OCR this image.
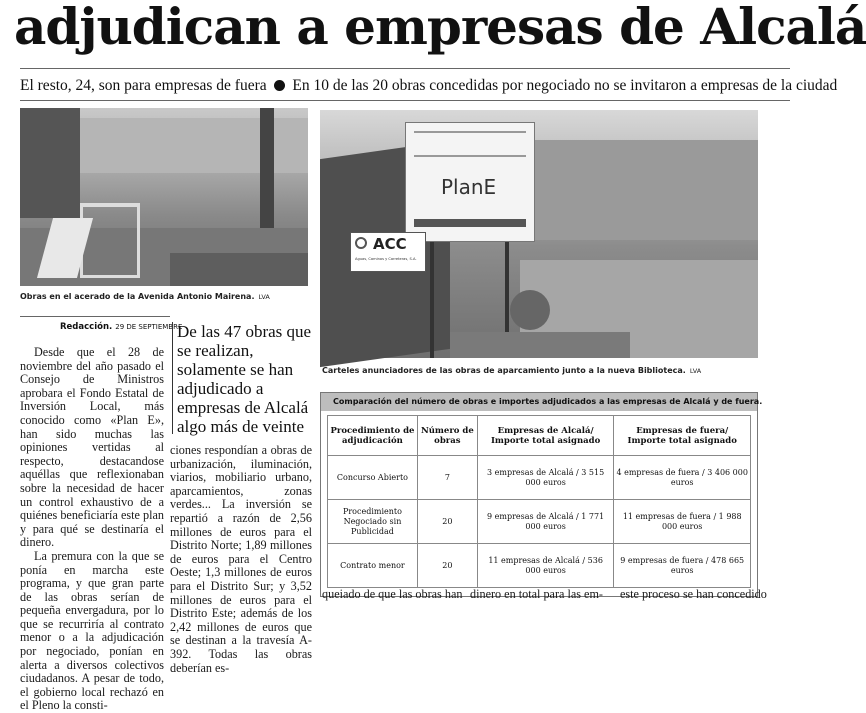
adjudican a empresas de Alcalá
El resto, 24, son para empresas de fuera En 10 de las 20 obras concedidas por negociado no se invitaron a empresas de la ciudad
Obras en el acerado de la Avenida Antonio Mairena. LVA
PlanE
ACC
Aguas, Caminos y Carreteras, S.A.
Carteles anunciadores de las obras de aparcamiento junto a la nueva Biblioteca. LVA
Redacción. 29 DE SEPTIEMBRE

Desde que el 28 de noviembre del año pasado el Consejo de Ministros aprobara el Fondo Estatal de Inversión Local, más conocido como «Plan E», han sido muchas las opiniones vertidas al respecto, destacandose aquéllas que reflexionaban sobre la necesidad de hacer un control exhaustivo de a quiénes beneficiaría este plan y para qué se destinaría el dinero.

La premura con la que se ponía en marcha este programa, y que gran parte de las obras serían de pequeña envergadura, por lo que se recurriría al contrato menor o a la adjudicación por negociado, ponían en alerta a diversos colectivos ciudadanos. A pesar de todo, el gobierno local rechazó en el Pleno la consti-

De las 47 obras que se realizan, solamente se han adjudicado a empresas de Alcalá algo más de veinte

ciones respondían a obras de urbanización, iluminación, viarios, mobiliario urbano, aparcamientos, zonas verdes... La inversión se repartió a razón de 2,56 millones de euros para el Distrito Norte; 1,89 millones de euros para el Centro Oeste; 1,3 millones de euros para el Distrito Sur; y 3,52 millones de euros para el Distrito Este; además de los 2,42 millones de euros que se destinan a la travesía A-392. Todas las obras deberían es-

Comparación del número de obras e importes adjudicados a las empresas de Alcalá y de fuera.
Procedimiento de adjudicación	Número de obras	Empresas de Alcalá/ Importe total asignado	Empresas de fuera/ Importe total asignado
Concurso Abierto	7	3 empresas de Alcalá / 3 515 000 euros	4 empresas de fuera / 3 406 000 euros
Procedimiento Negociado sin Publicidad	20	9 empresas de Alcalá / 1 771 000 euros	11 empresas de fuera / 1 988 000 euros
Contrato menor	20	11 empresas de Alcalá / 536 000 euros	9 empresas de fuera / 478 665 euros
queiado de que las obras han dinero en total para las em-	este proceso se han concedido
